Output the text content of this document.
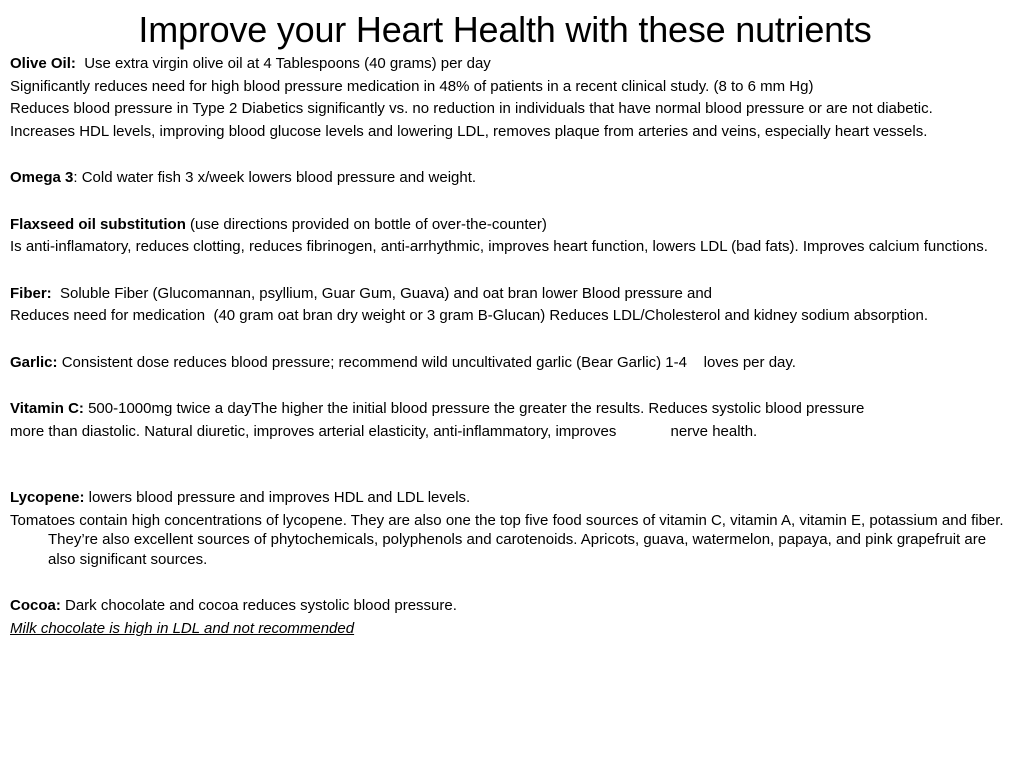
Improve your Heart Health with these nutrients

Olive Oil:  Use extra virgin olive oil at 4 Tablespoons (40 grams) per day

Significantly reduces need for high blood pressure medication in 48% of patients in a recent clinical study. (8 to 6 mm Hg)

Reduces blood pressure in Type 2 Diabetics significantly vs. no reduction in individuals that have normal blood pressure or are not diabetic.

Increases HDL levels, improving blood glucose levels and lowering LDL, removes plaque from arteries and veins, especially heart vessels.

Omega 3: Cold water fish 3 x/week lowers blood pressure and weight.

Flaxseed oil substitution (use directions provided on bottle of over-the-counter)

Is anti-inflamatory, reduces clotting, reduces fibrinogen, anti-arrhythmic, improves heart function, lowers LDL (bad fats). Improves calcium functions.

Fiber:  Soluble Fiber (Glucomannan, psyllium, Guar Gum, Guava) and oat bran lower Blood pressure and

Reduces need for medication  (40 gram oat bran dry weight or 3 gram B-Glucan) Reduces LDL/Cholesterol and kidney sodium absorption.

Garlic: Consistent dose reduces blood pressure; recommend wild uncultivated garlic (Bear Garlic) 1-4    loves per day.

Vitamin C: 500-1000mg twice a dayThe higher the initial blood pressure the greater the results. Reduces systolic blood pressure

more than diastolic. Natural diuretic, improves arterial elasticity, anti-inflammatory, improves             nerve health.

Lycopene: lowers blood pressure and improves HDL and LDL levels.

Tomatoes contain high concentrations of lycopene. They are also one the top five food sources of vitamin C, vitamin A, vitamin E, potassium and fiber. They’re also excellent sources of phytochemicals, polyphenols and carotenoids. Apricots, guava, watermelon, papaya, and pink grapefruit are also significant sources.

Cocoa: Dark chocolate and cocoa reduces systolic blood pressure.

Milk chocolate is high in LDL and not recommended
